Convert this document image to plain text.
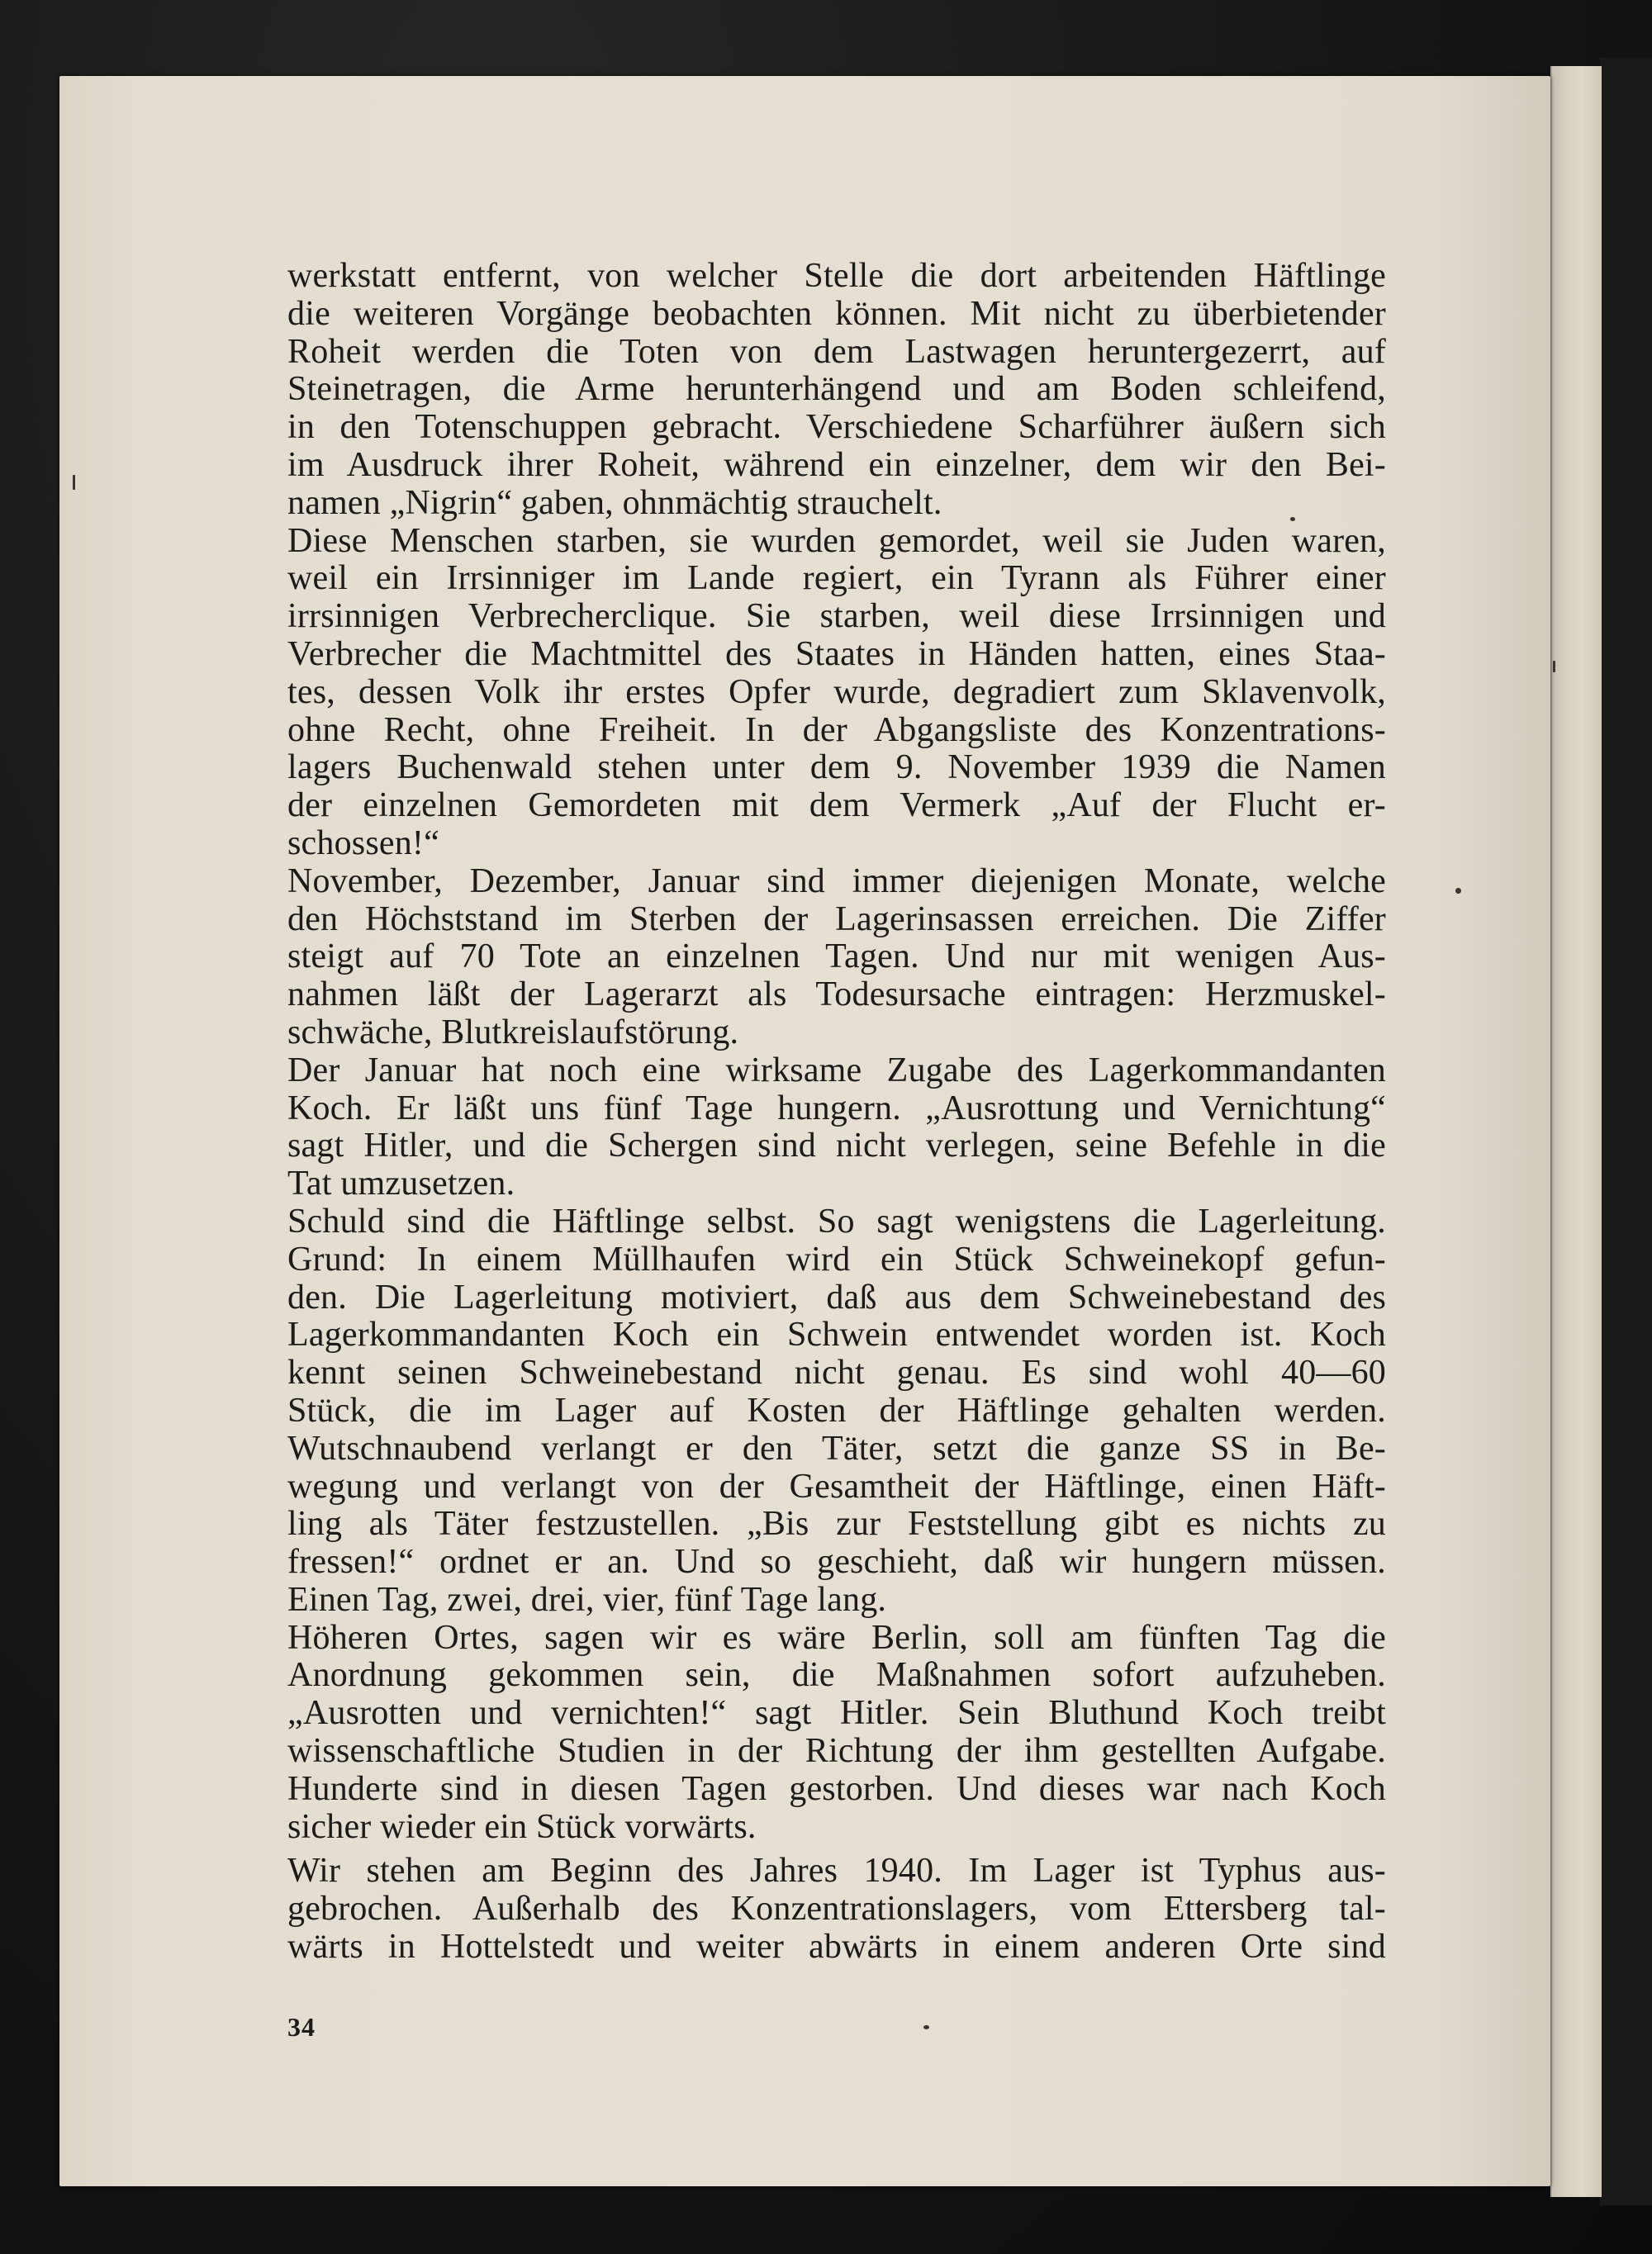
werkstatt entfernt, von welcher Stelle die dort arbeitenden Häftlinge
die weiteren Vorgänge beobachten können. Mit nicht zu überbietender
Roheit werden die Toten von dem Lastwagen heruntergezerrt, auf
Steinetragen, die Arme herunterhängend und am Boden schleifend,
in den Totenschuppen gebracht. Verschiedene Scharführer äußern sich
im Ausdruck ihrer Roheit, während ein einzelner, dem wir den Bei-
namen „Nigrin“ gaben, ohnmächtig strauchelt.
Diese Menschen starben, sie wurden gemordet, weil sie Juden waren,
weil ein Irrsinniger im Lande regiert, ein Tyrann als Führer einer
irrsinnigen Verbrecherclique. Sie starben, weil diese Irrsinnigen und
Verbrecher die Machtmittel des Staates in Händen hatten, eines Staa-
tes, dessen Volk ihr erstes Opfer wurde, degradiert zum Sklavenvolk,
ohne Recht, ohne Freiheit. In der Abgangsliste des Konzentrations-
lagers Buchenwald stehen unter dem 9. November 1939 die Namen
der einzelnen Gemordeten mit dem Vermerk „Auf der Flucht er-
schossen!“
November, Dezember, Januar sind immer diejenigen Monate, welche
den Höchststand im Sterben der Lagerinsassen erreichen. Die Ziffer
steigt auf 70 Tote an einzelnen Tagen. Und nur mit wenigen Aus-
nahmen läßt der Lagerarzt als Todesursache eintragen: Herzmuskel-
schwäche, Blutkreislaufstörung.
Der Januar hat noch eine wirksame Zugabe des Lagerkommandanten
Koch. Er läßt uns fünf Tage hungern. „Ausrottung und Vernichtung“
sagt Hitler, und die Schergen sind nicht verlegen, seine Befehle in die
Tat umzusetzen.
Schuld sind die Häftlinge selbst. So sagt wenigstens die Lagerleitung.
Grund: In einem Müllhaufen wird ein Stück Schweinekopf gefun-
den. Die Lagerleitung motiviert, daß aus dem Schweinebestand des
Lagerkommandanten Koch ein Schwein entwendet worden ist. Koch
kennt seinen Schweinebestand nicht genau. Es sind wohl 40—60
Stück, die im Lager auf Kosten der Häftlinge gehalten werden.
Wutschnaubend verlangt er den Täter, setzt die ganze SS in Be-
wegung und verlangt von der Gesamtheit der Häftlinge, einen Häft-
ling als Täter festzustellen. „Bis zur Feststellung gibt es nichts zu
fressen!“ ordnet er an. Und so geschieht, daß wir hungern müssen.
Einen Tag, zwei, drei, vier, fünf Tage lang.
Höheren Ortes, sagen wir es wäre Berlin, soll am fünften Tag die
Anordnung gekommen sein, die Maßnahmen sofort aufzuheben.
„Ausrotten und vernichten!“ sagt Hitler. Sein Bluthund Koch treibt
wissenschaftliche Studien in der Richtung der ihm gestellten Aufgabe.
Hunderte sind in diesen Tagen gestorben. Und dieses war nach Koch
sicher wieder ein Stück vorwärts.
Wir stehen am Beginn des Jahres 1940. Im Lager ist Typhus aus-
gebrochen. Außerhalb des Konzentrationslagers, vom Ettersberg tal-
wärts in Hottelstedt und weiter abwärts in einem anderen Orte sind
34
